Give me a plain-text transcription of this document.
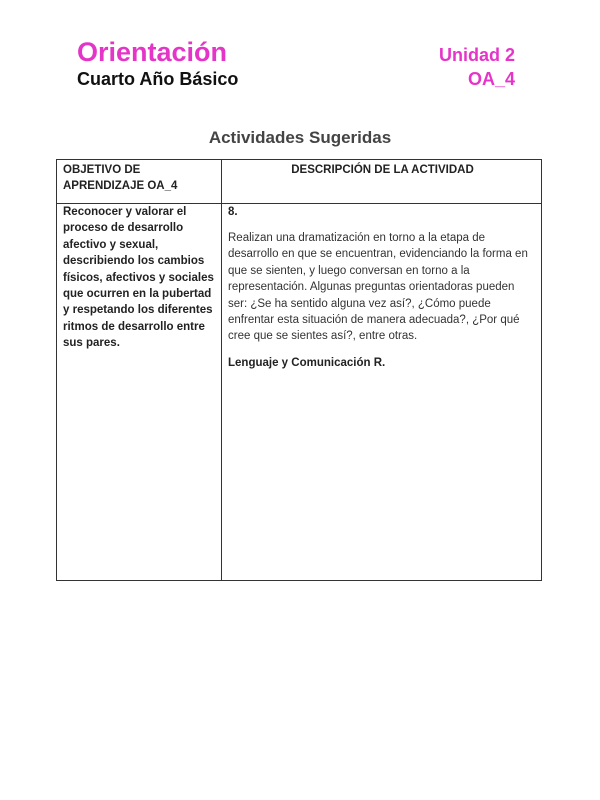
Orientación
Cuarto Año Básico
Unidad 2
OA_4
Actividades Sugeridas
OBJETIVO DE APRENDIZAJE OA_4
DESCRIPCIÓN DE LA ACTIVIDAD
Reconocer y valorar el proceso de desarrollo afectivo y sexual, describiendo los cambios físicos, afectivos y sociales que ocurren en la pubertad y respetando los diferentes ritmos de desarrollo entre sus pares.
8.
Realizan una dramatización en torno a la etapa de desarrollo en que se encuentran, evidenciando la forma en que se sienten, y luego conversan en torno a la representación. Algunas preguntas orientadoras pueden ser: ¿Se ha sentido alguna vez así?, ¿Cómo puede enfrentar esta situación de manera adecuada?, ¿Por qué cree que se sientes así?, entre otras.
Lenguaje y Comunicación R.
